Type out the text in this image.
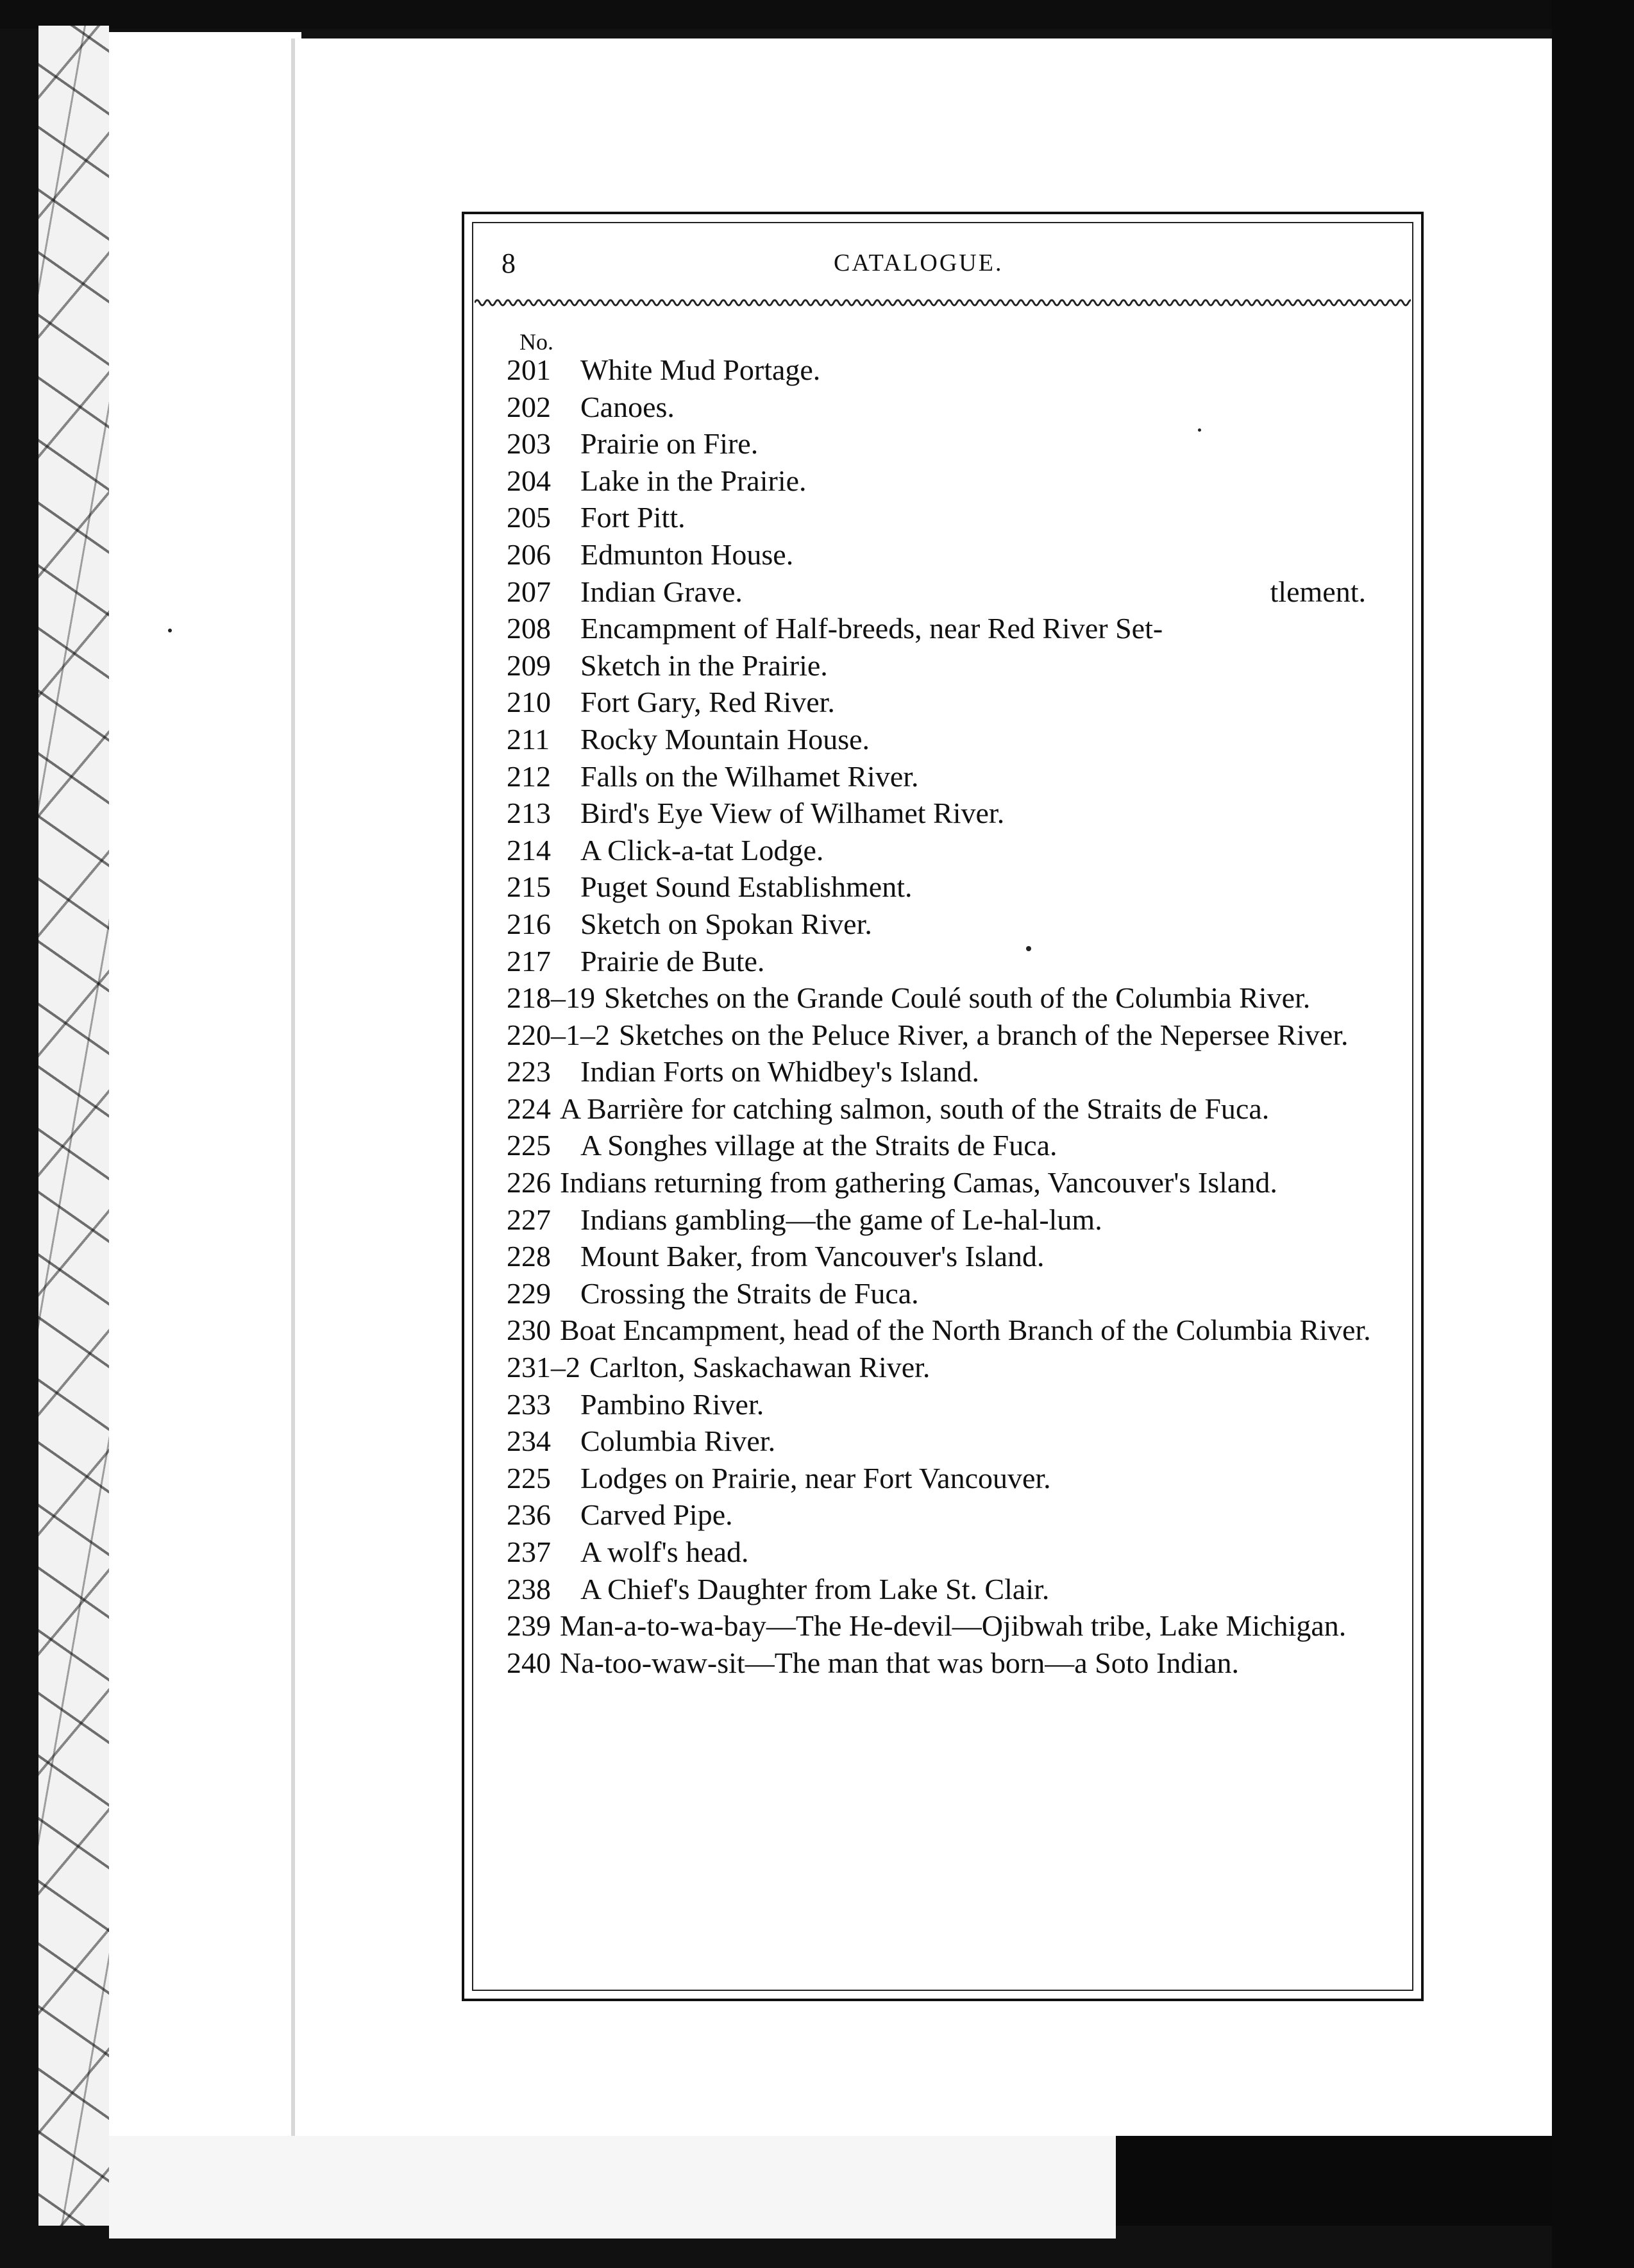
8	CATALOGUE.
No.
201 White Mud Portage.
202 Canoes.
203 Prairie on Fire.
204 Lake in the Prairie.
205 Fort Pitt.
206 Edmunton House.
207 Indian Grave.	tlement.
208 Encampment of Half-breeds, near Red River Set-
209 Sketch in the Prairie.
210 Fort Gary, Red River.
211 Rocky Mountain House.
212 Falls on the Wilhamet River.
213 Bird's Eye View of Wilhamet River.
214 A Click-a-tat Lodge.
215 Puget Sound Establishment.
216 Sketch on Spokan River.
217 Prairie de Bute.
218–19 Sketches on the Grande Coulé south of the Columbia River.
220–1–2 Sketches on the Peluce River, a branch of the Nepersee River.
223 Indian Forts on Whidbey's Island.
224 A Barrière for catching salmon, south of the Straits de Fuca.
225 A Songhes village at the Straits de Fuca.
226 Indians returning from gathering Camas, Vancouver's Island.
227 Indians gambling—the game of Le-hal-lum.
228 Mount Baker, from Vancouver's Island.
229 Crossing the Straits de Fuca.
230 Boat Encampment, head of the North Branch of the Columbia River.
231–2 Carlton, Saskachawan River.
233 Pambino River.
234 Columbia River.
225 Lodges on Prairie, near Fort Vancouver.
236 Carved Pipe.
237 A wolf's head.
238 A Chief's Daughter from Lake St. Clair.
239 Man-a-to-wa-bay—The He-devil—Ojibwah tribe, Lake Michigan.
240 Na-too-waw-sit—The man that was born—a Soto Indian.
